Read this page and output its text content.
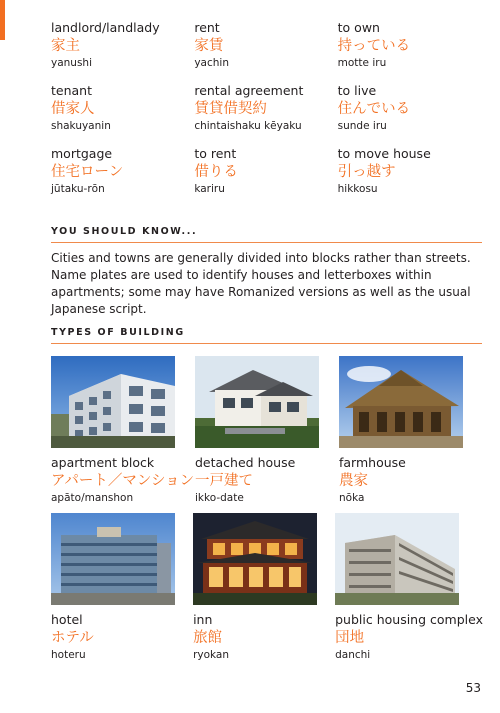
landlord/landlady
家主
yanushi
rent
家賃
yachin
to own
持っている
motte iru
tenant
借家人
shakuyanin
rental agreement
賃貸借契約
chintaishaku kēyaku
to live
住んでいる
sunde iru
mortgage
住宅ローン
jūtaku-rōn
to rent
借りる
kariru
to move house
引っ越す
hikkosu
YOU SHOULD KNOW...
Cities and towns are generally divided into blocks rather than streets. Name plates are used to identify houses and letterboxes within apartments; some may have Romanized versions as well as the usual Japanese script.
TYPES OF BUILDING
apartment block
アパート／マンション
apāto/manshon
detached house
一戸建て
ikko-date
farmhouse
農家
nōka
hotel
ホテル
hoteru
inn
旅館
ryokan
public housing complex
団地
danchi
53
